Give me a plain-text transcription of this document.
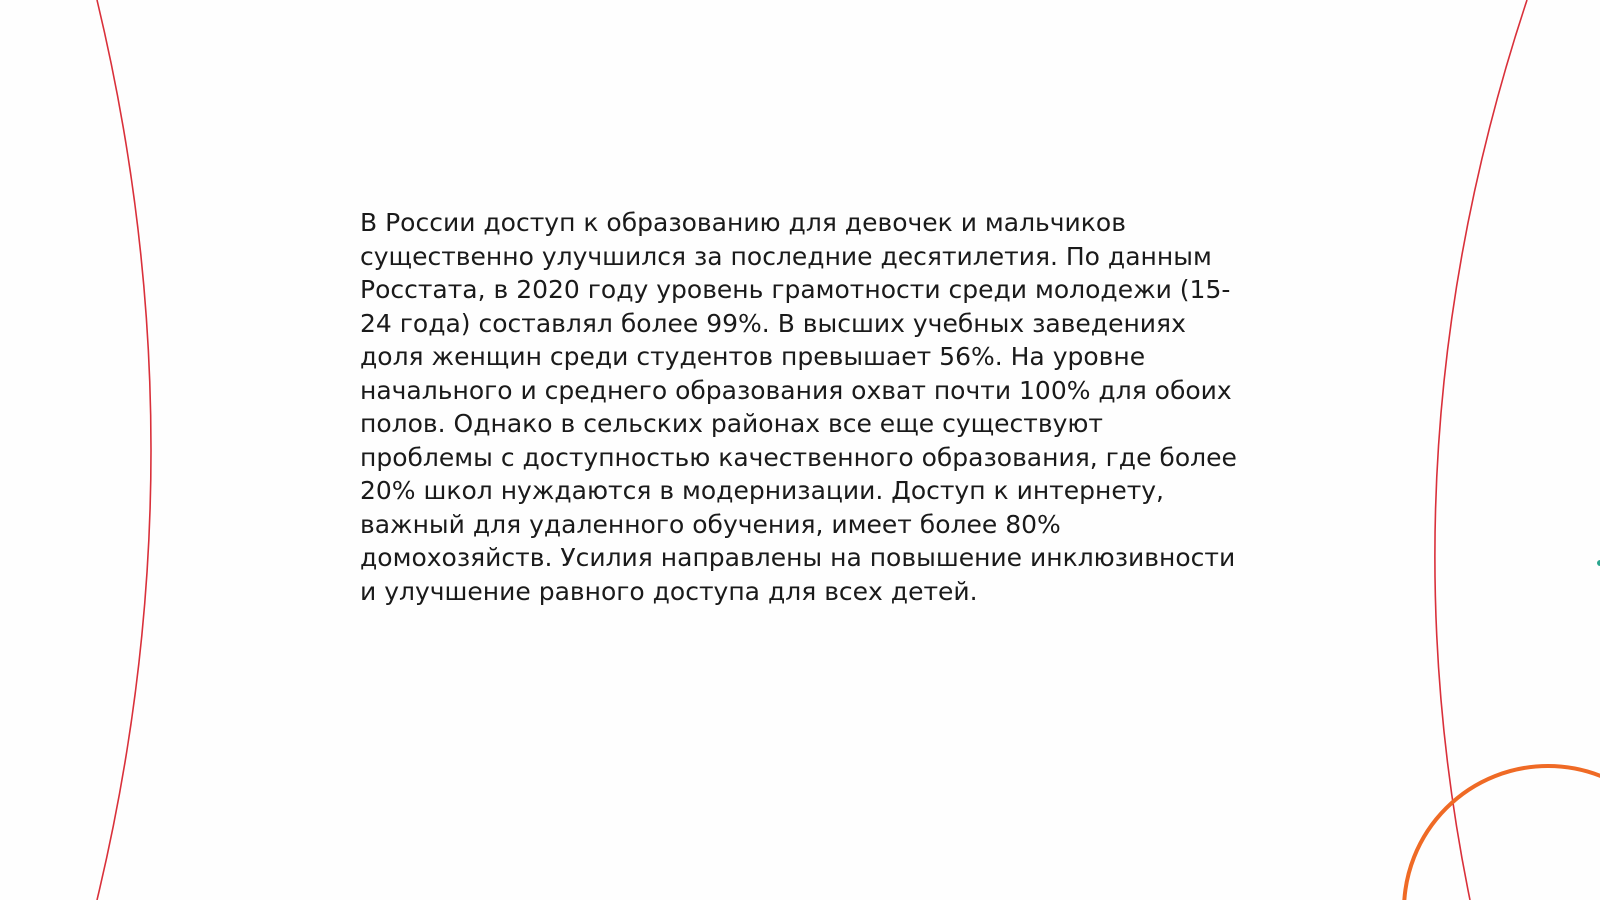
В России доступ к образованию для девочек и мальчиков существенно улучшился за последние десятилетия. По данным Росстата, в 2020 году уровень грамотности среди молодежи (15-24 года) составлял более 99%. В высших учебных заведениях доля женщин среди студентов превышает 56%. На уровне начального и среднего образования охват почти 100% для обоих полов. Однако в сельских районах все еще существуют проблемы с доступностью качественного образования, где более 20% школ нуждаются в модернизации. Доступ к интернету, важный для удаленного обучения, имеет более 80% домохозяйств. Усилия направлены на повышение инклюзивности и улучшение равного доступа для всех детей.
